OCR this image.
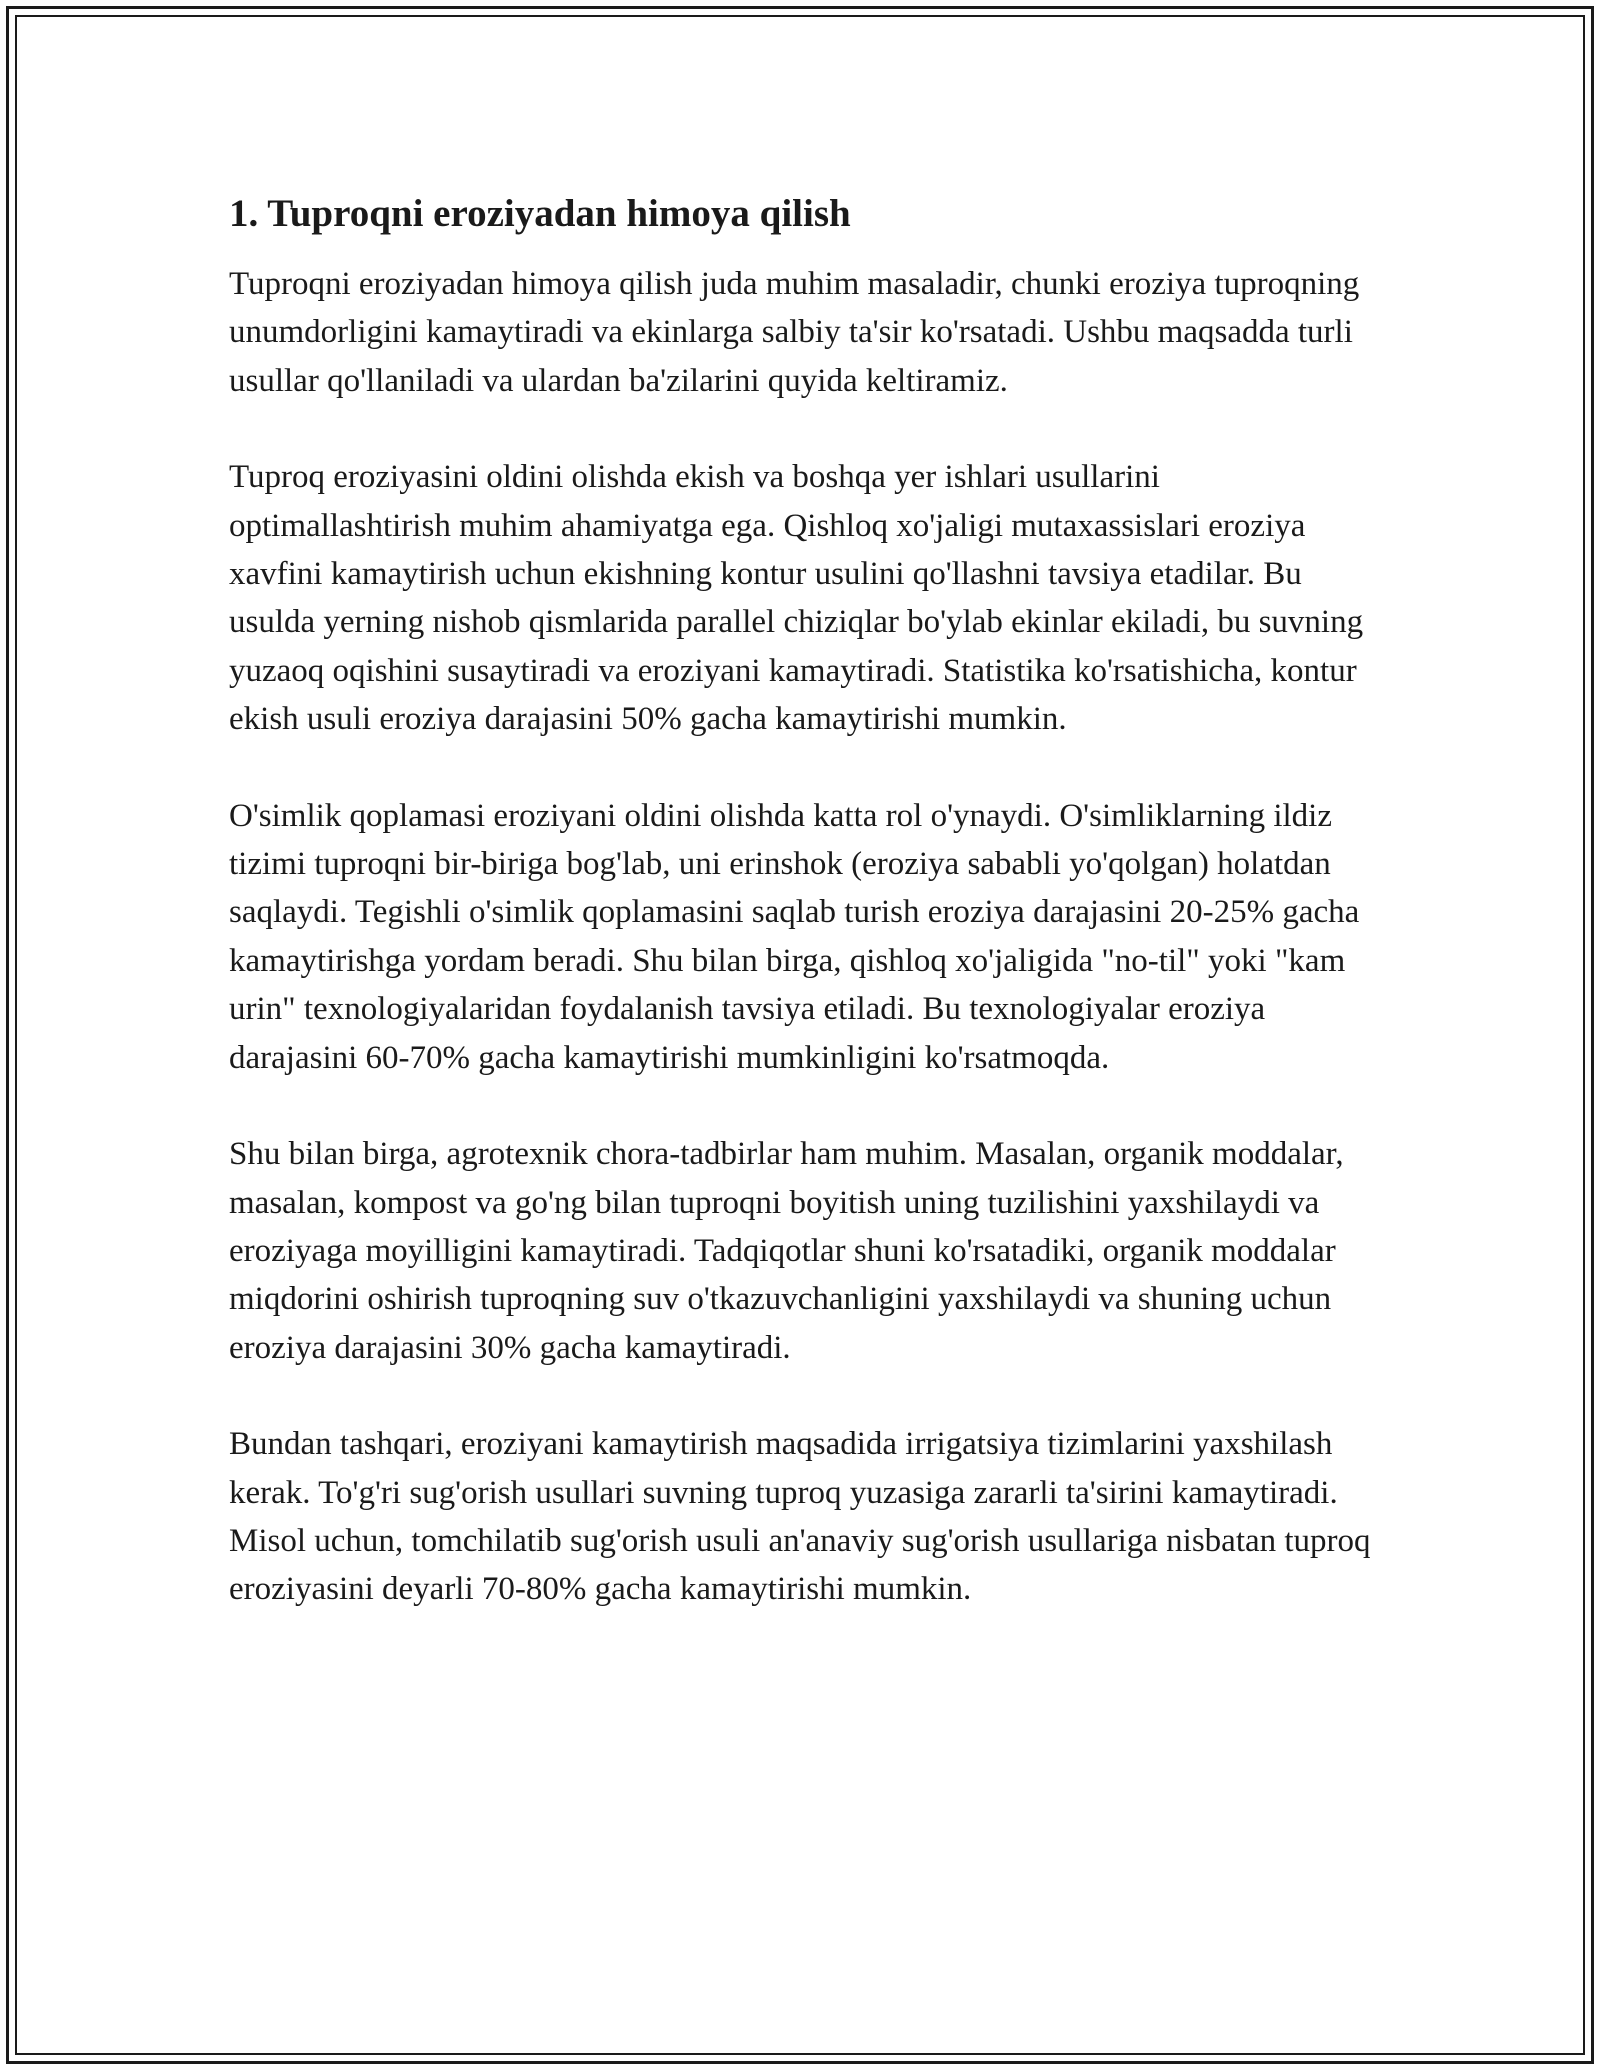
1. Tuproqni eroziyadan himoya qilish

Tuproqni eroziyadan himoya qilish juda muhim masaladir, chunki eroziya tuproqning unumdorligini kamaytiradi va ekinlarga salbiy ta'sir ko'rsatadi. Ushbu maqsadda turli usullar qo'llaniladi va ulardan ba'zilarini quyida keltiramiz.

Tuproq eroziyasini oldini olishda ekish va boshqa yer ishlari usullarini optimallashtirish muhim ahamiyatga ega. Qishloq xo'jaligi mutaxassislari eroziya xavfini kamaytirish uchun ekishning kontur usulini qo'llashni tavsiya etadilar. Bu usulda yerning nishob qismlarida parallel chiziqlar bo'ylab ekinlar ekiladi, bu suvning yuzaoq oqishini susaytiradi va eroziyani kamaytiradi. Statistika ko'rsatishicha, kontur ekish usuli eroziya darajasini 50% gacha kamaytirishi mumkin.

O'simlik qoplamasi eroziyani oldini olishda katta rol o'ynaydi. O'simliklarning ildiz tizimi tuproqni bir-biriga bog'lab, uni erinshok (eroziya sababli yo'qolgan) holatdan saqlaydi. Tegishli o'simlik qoplamasini saqlab turish eroziya darajasini 20-25% gacha kamaytirishga yordam beradi. Shu bilan birga, qishloq xo'jaligida "no-til" yoki "kam urin" texnologiyalaridan foydalanish tavsiya etiladi. Bu texnologiyalar eroziya darajasini 60-70% gacha kamaytirishi mumkinligini ko'rsatmoqda.

Shu bilan birga, agrotexnik chora-tadbirlar ham muhim. Masalan, organik moddalar, masalan, kompost va go'ng bilan tuproqni boyitish uning tuzilishini yaxshilaydi va eroziyaga moyilligini kamaytiradi. Tadqiqotlar shuni ko'rsatadiki, organik moddalar miqdorini oshirish tuproqning suv o'tkazuvchanligini yaxshilaydi va shuning uchun eroziya darajasini 30% gacha kamaytiradi.

Bundan tashqari, eroziyani kamaytirish maqsadida irrigatsiya tizimlarini yaxshilash kerak. To'g'ri sug'orish usullari suvning tuproq yuzasiga zararli ta'sirini kamaytiradi. Misol uchun, tomchilatib sug'orish usuli an'anaviy sug'orish usullariga nisbatan tuproq eroziyasini deyarli 70-80% gacha kamaytirishi mumkin.
